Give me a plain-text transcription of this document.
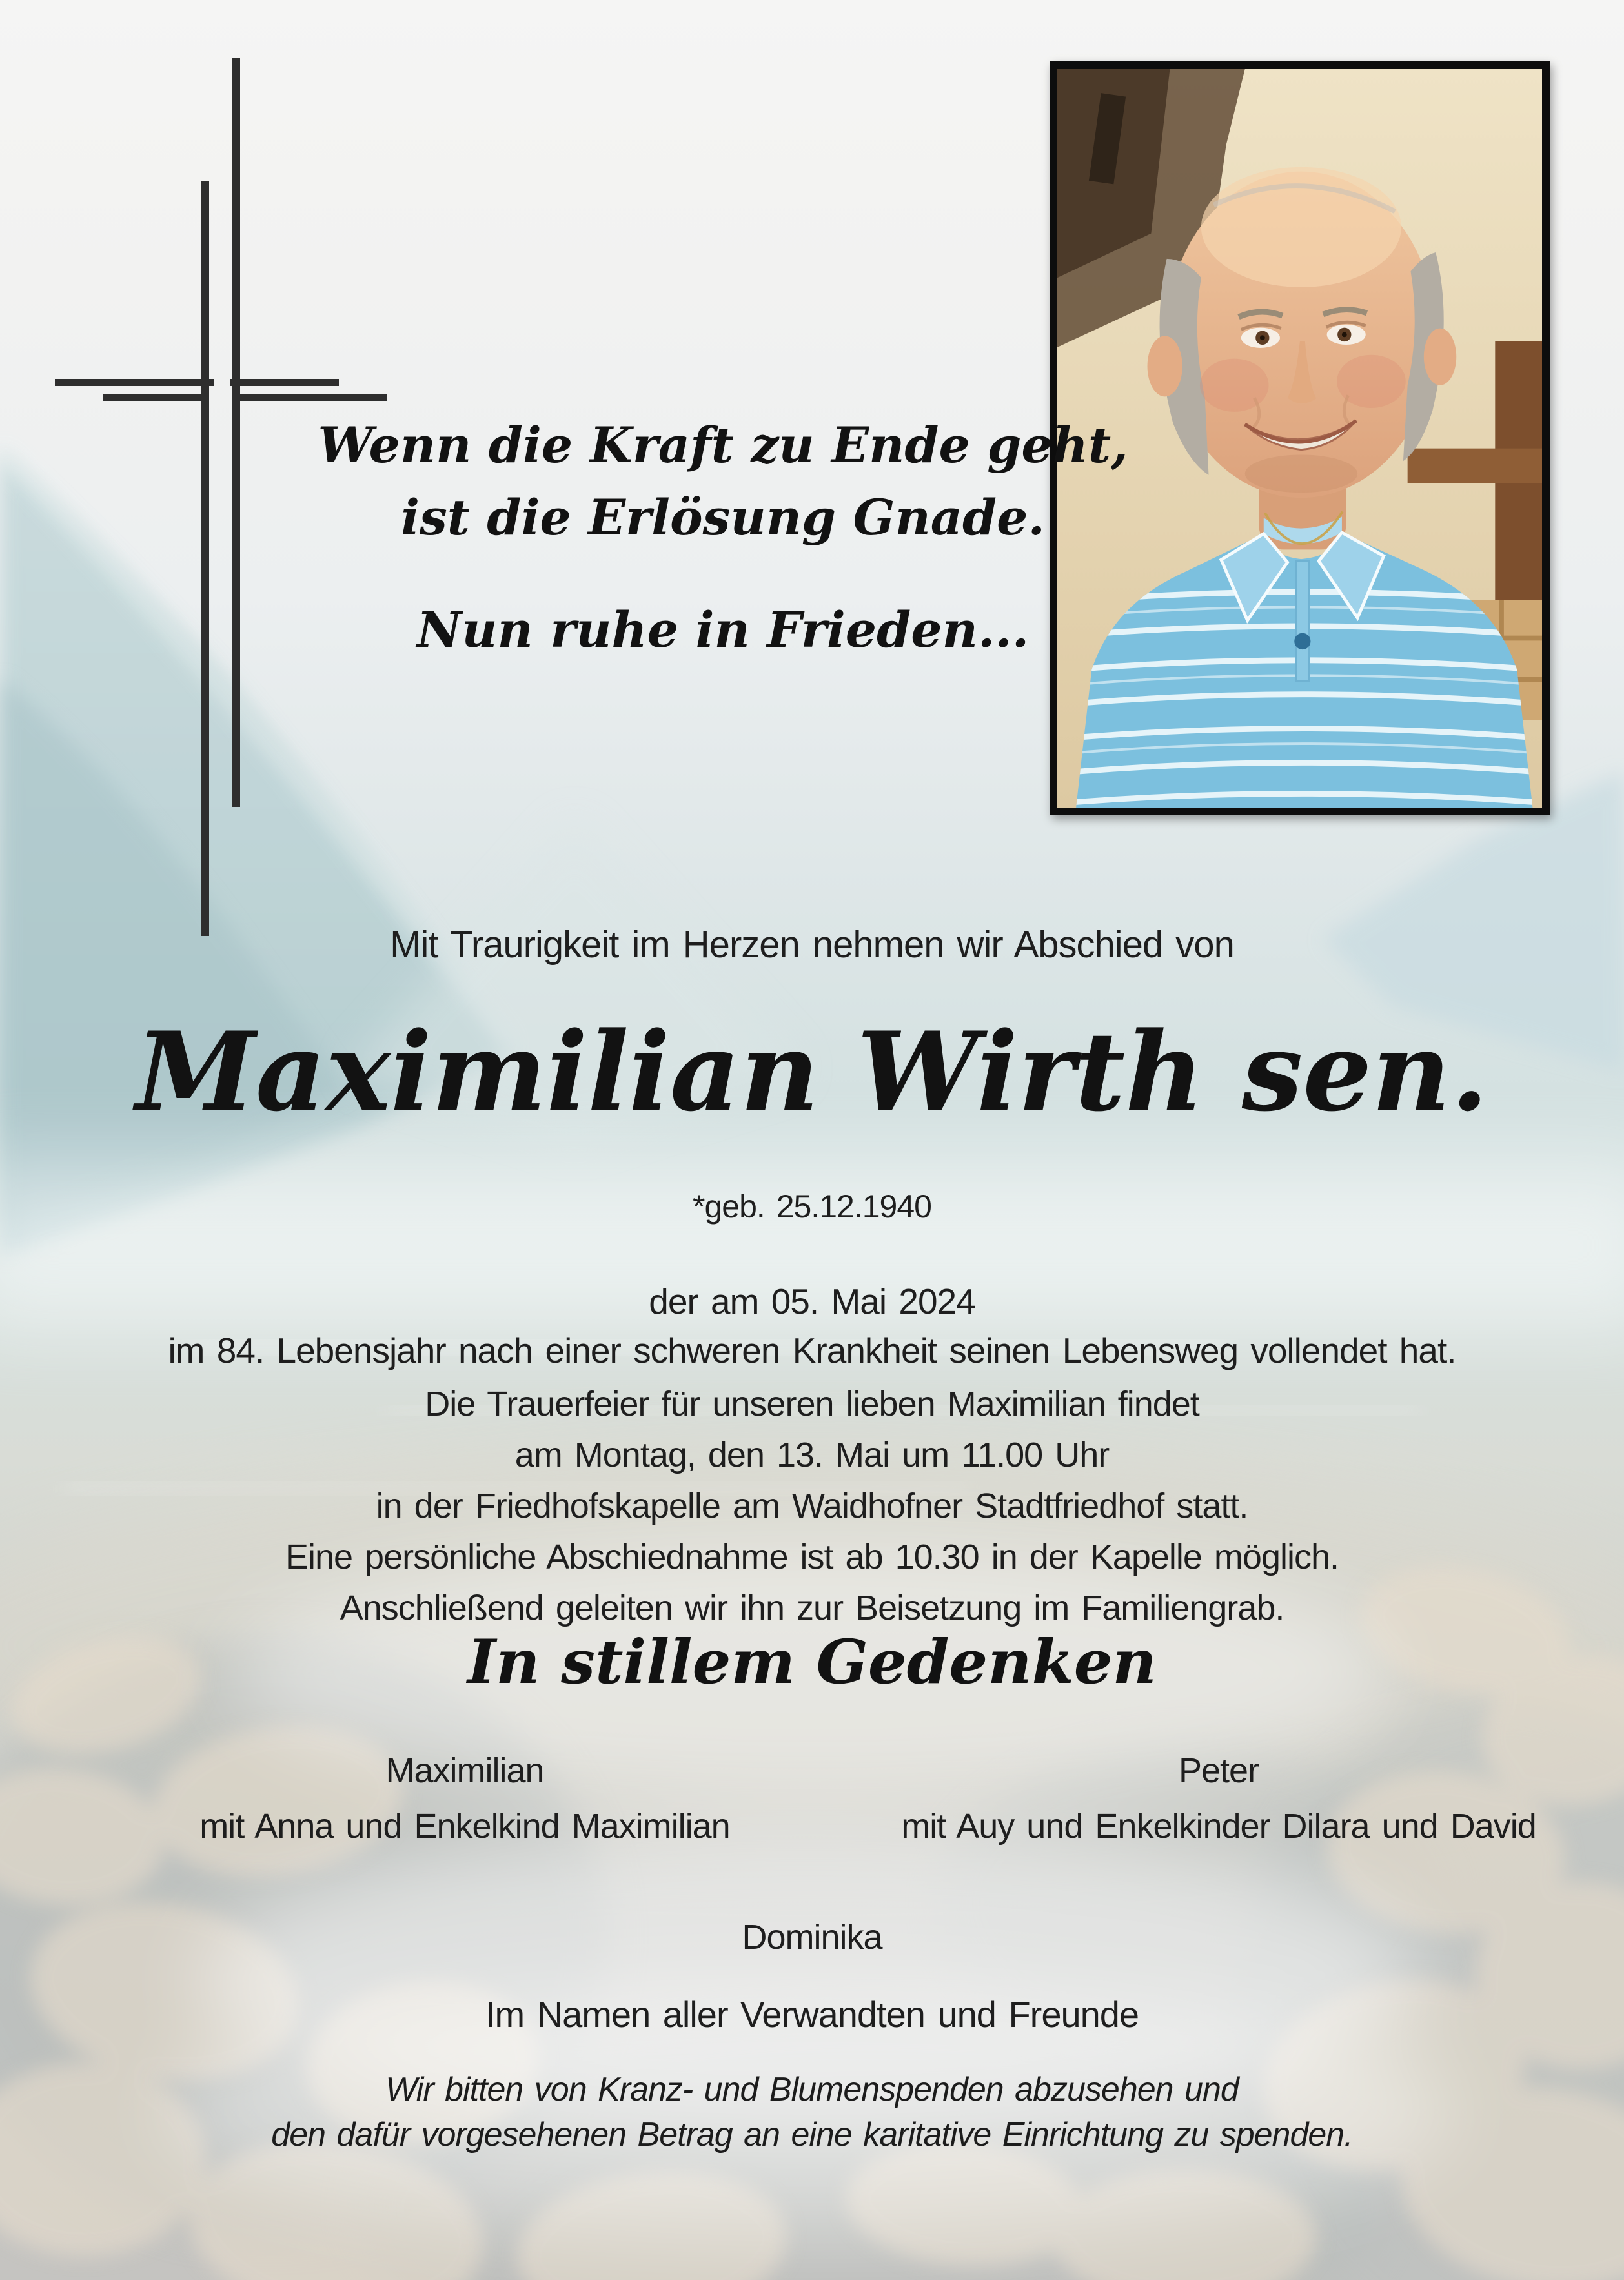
Wenn die Kraft zu Ende geht,
ist die Erlösung Gnade.
Nun ruhe in Frieden...
Mit Traurigkeit im Herzen nehmen wir Abschied von
Maximilian Wirth sen.
*geb. 25.12.1940
der am 05. Mai 2024
im 84. Lebensjahr nach einer schweren Krankheit seinen Lebensweg vollendet hat.
Die Trauerfeier für unseren lieben Maximilian findet
am Montag, den 13. Mai um 11.00 Uhr
in der Friedhofskapelle am Waidhofner Stadtfriedhof statt.
Eine persönliche Abschiednahme ist ab 10.30 in der Kapelle möglich.
Anschließend geleiten wir ihn zur Beisetzung im Familiengrab.
In stillem Gedenken
Maximilian
mit Anna und Enkelkind Maximilian
Peter
mit Auy und Enkelkinder Dilara und David
Dominika
Im Namen aller Verwandten und Freunde
Wir bitten von Kranz- und Blumenspenden abzusehen und
den dafür vorgesehenen Betrag an eine karitative Einrichtung zu spenden.
